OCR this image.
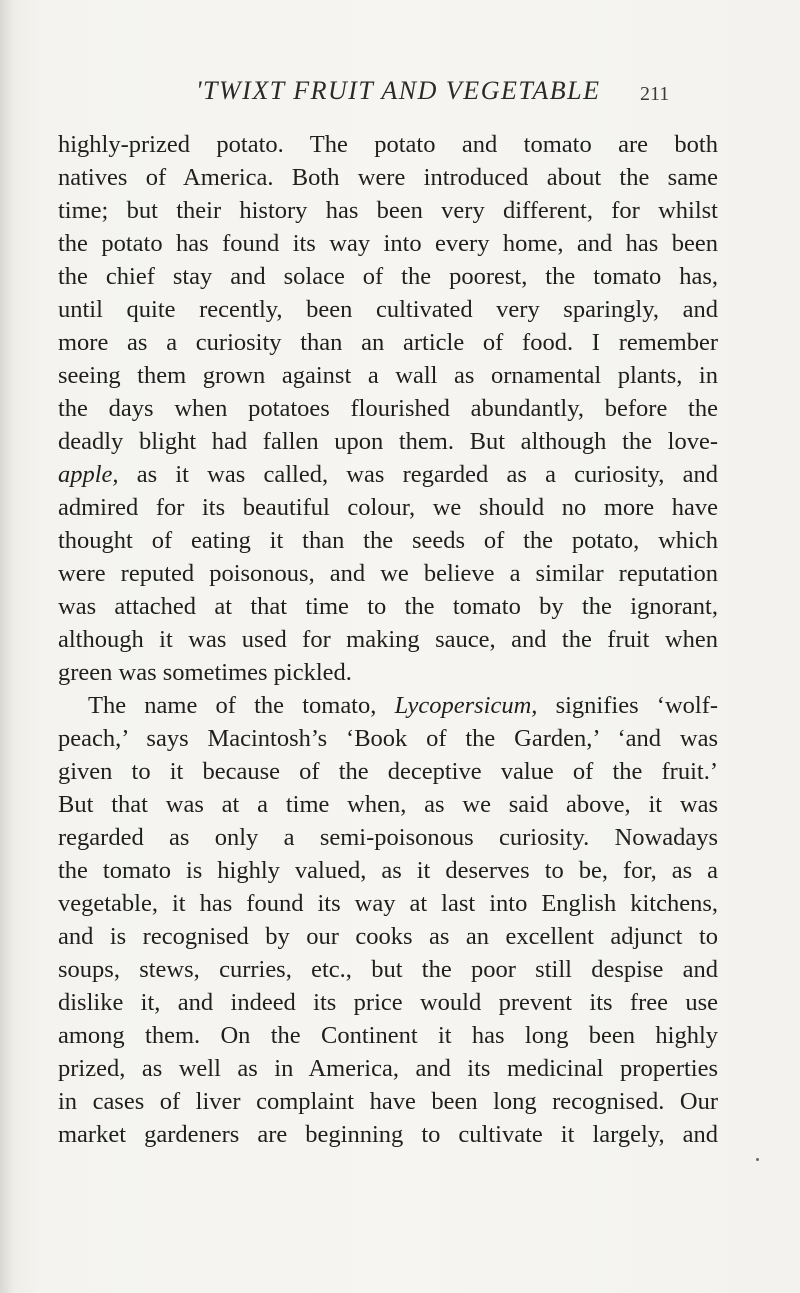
'TWIXT FRUIT AND VEGETABLE	211
highly-prized potato. The potato and tomato are both
natives of America. Both were introduced about the same
time; but their history has been very different, for whilst
the potato has found its way into every home, and has been
the chief stay and solace of the poorest, the tomato has,
until quite recently, been cultivated very sparingly, and
more as a curiosity than an article of food. I remember
seeing them grown against a wall as ornamental plants, in
the days when potatoes flourished abundantly, before the
deadly blight had fallen upon them. But although the love-
apple, as it was called, was regarded as a curiosity, and
admired for its beautiful colour, we should no more have
thought of eating it than the seeds of the potato, which
were reputed poisonous, and we believe a similar reputation
was attached at that time to the tomato by the ignorant,
although it was used for making sauce, and the fruit when
green was sometimes pickled.
The name of the tomato, Lycopersicum, signifies ‘wolf-
peach,’ says Macintosh’s ‘Book of the Garden,’ ‘and was
given to it because of the deceptive value of the fruit.’
But that was at a time when, as we said above, it was
regarded as only a semi-poisonous curiosity. Nowadays
the tomato is highly valued, as it deserves to be, for, as a
vegetable, it has found its way at last into English kitchens,
and is recognised by our cooks as an excellent adjunct to
soups, stews, curries, etc., but the poor still despise and
dislike it, and indeed its price would prevent its free use
among them. On the Continent it has long been highly
prized, as well as in America, and its medicinal properties
in cases of liver complaint have been long recognised. Our
market gardeners are beginning to cultivate it largely, and
